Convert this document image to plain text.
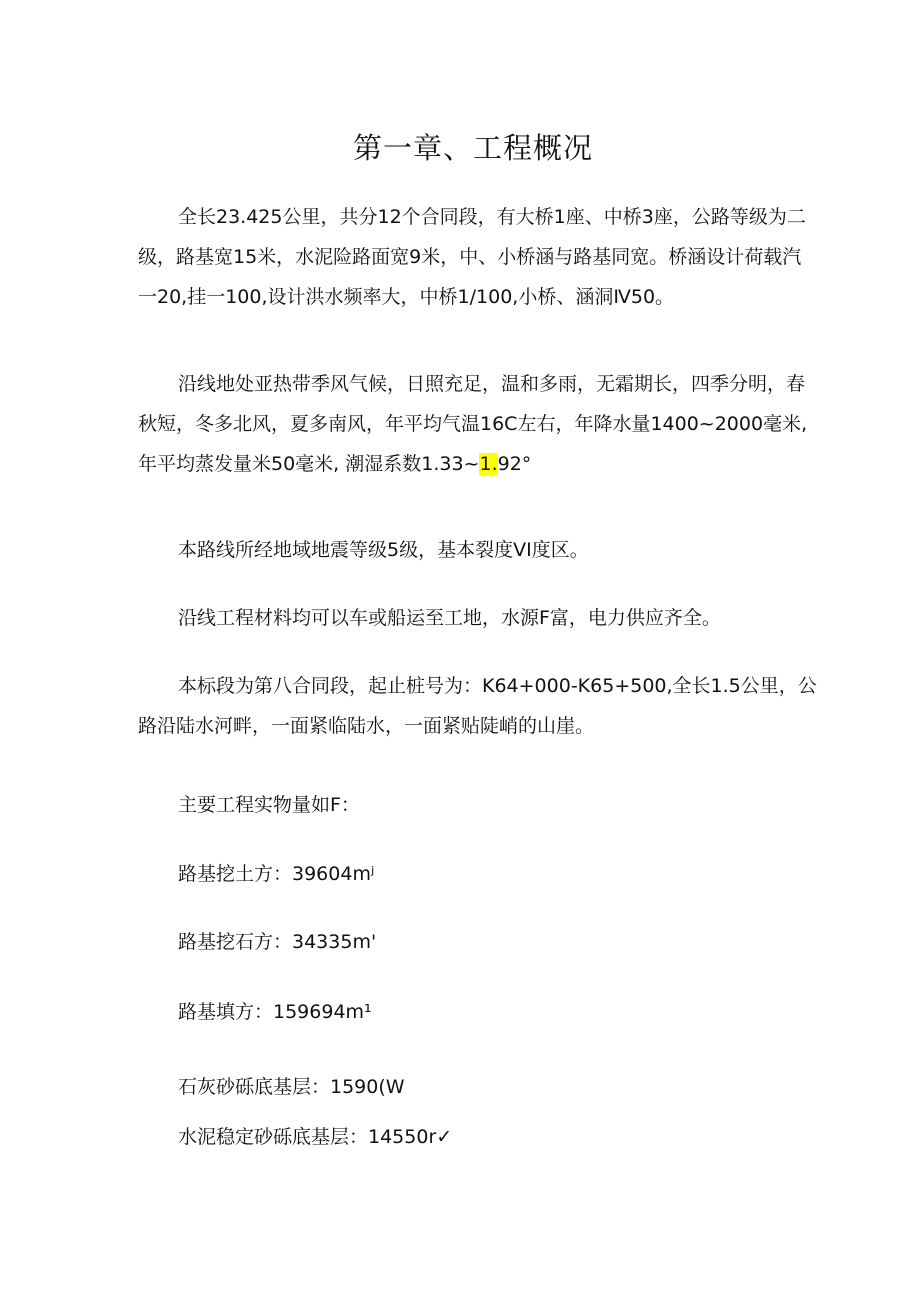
第一章、工程概况

全长23.425公里，共分12个合同段，有大桥1座、中桥3座，公路等级为二级，路基宽15米，水泥险路面宽9米，中、小桥涵与路基同宽。桥涵设计荷载汽一20,挂一100,设计洪水频率大，中桥1/100,小桥、涵洞Ⅳ50。

沿线地处亚热带季风气候，日照充足，温和多雨，无霜期长，四季分明，春秋短，冬多北风，夏多南风，年平均气温16C左右，年降水量1400~2000毫米, 年平均蒸发量米50毫米, 潮湿系数1.33~1.92°

本路线所经地域地震等级5级，基本裂度VI度区。

沿线工程材料均可以车或船运至工地，水源F富，电力供应齐全。

本标段为第八合同段，起止桩号为：K64+000-K65+500,全长1.5公里，公路沿陆水河畔，一面紧临陆水，一面紧贴陡峭的山崖。

主要工程实物量如F：
路基挖土方：39604mʲ
路基挖石方：34335m'
路基填方：159694m¹
石灰砂砾底基层：1590(W
水泥稳定砂砾底基层：14550r✓
